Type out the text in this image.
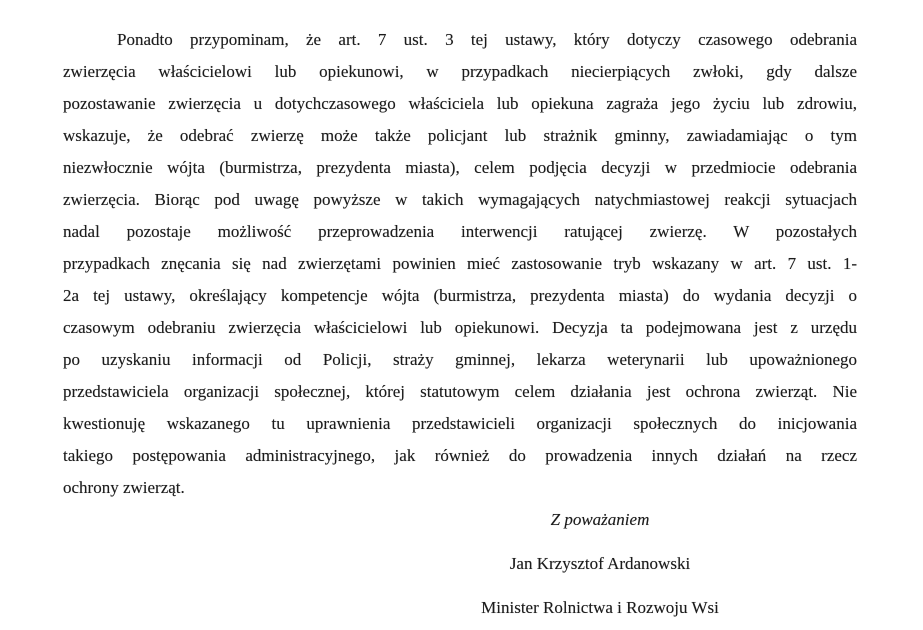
Ponadto przypominam, że art. 7 ust. 3 tej ustawy, który dotyczy czasowego odebrania
zwierzęcia właścicielowi lub opiekunowi, w przypadkach niecierpiących zwłoki, gdy dalsze
pozostawanie zwierzęcia u dotychczasowego właściciela lub opiekuna zagraża jego życiu lub zdrowiu,
wskazuje, że odebrać zwierzę może także policjant lub strażnik gminny, zawiadamiając o tym
niezwłocznie wójta (burmistrza, prezydenta miasta), celem podjęcia decyzji w przedmiocie odebrania
zwierzęcia. Biorąc pod uwagę powyższe w takich wymagających natychmiastowej reakcji sytuacjach
nadal pozostaje możliwość przeprowadzenia interwencji ratującej zwierzę. W pozostałych
przypadkach znęcania się nad zwierzętami powinien mieć zastosowanie tryb wskazany w art. 7 ust. 1-
2a tej ustawy, określający kompetencje wójta (burmistrza, prezydenta miasta) do wydania decyzji o
czasowym odebraniu zwierzęcia właścicielowi lub opiekunowi. Decyzja ta podejmowana jest z urzędu
po uzyskaniu informacji od Policji, straży gminnej, lekarza weterynarii lub upoważnionego
przedstawiciela organizacji społecznej, której statutowym celem działania jest ochrona zwierząt. Nie
kwestionuję wskazanego tu uprawnienia przedstawicieli organizacji społecznych do inicjowania
takiego postępowania administracyjnego, jak również do prowadzenia innych działań na rzecz
ochrony zwierząt.
Z poważaniem
Jan Krzysztof Ardanowski
Minister Rolnictwa i Rozwoju Wsi
